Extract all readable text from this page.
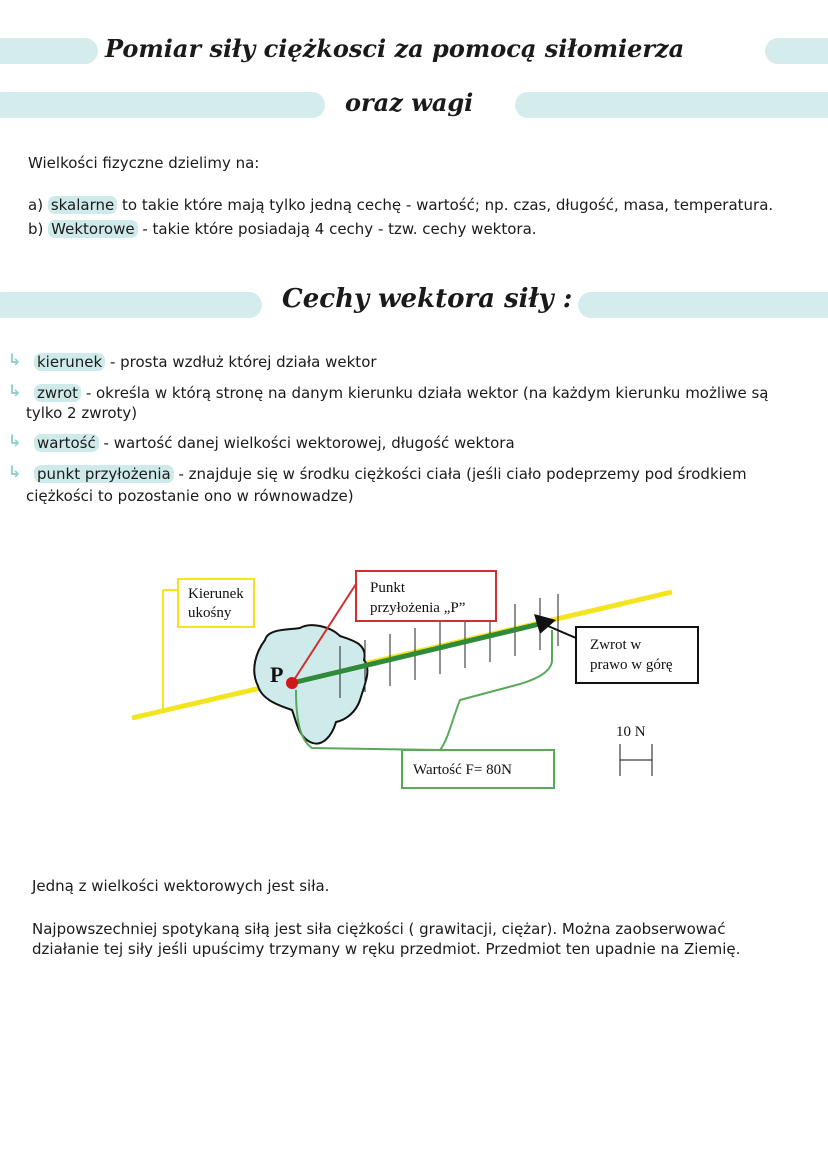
Pomiar siły ciężkosci za pomocą siłomierza
oraz wagi
Wielkości fizyczne dzielimy na:
a) skalarne to takie które mają tylko jedną cechę - wartość; np. czas, długość, masa, temperatura.
b) Wektorowe - takie które posiadają 4 cechy - tzw. cechy wektora.
Cechy wektora siły :
↳ kierunek - prosta wzdłuż której działa wektor
↳ zwrot - określa w którą stronę na danym kierunku działa wektor (na każdym kierunku możliwe są
tylko 2 zwroty)
↳ wartość - wartość danej wielkości wektorowej, długość wektora
↳ punkt przyłożenia - znajduje się w środku ciężkości ciała (jeśli ciało podeprzemy pod środkiem
ciężkości to pozostanie ono w równowadze)
P
Kierunek
ukośny
Punkt
przyłożenia „P”
Zwrot w
prawo w górę
Wartość F= 80N
10 N
Jedną z wielkości wektorowych jest siła.
Najpowszechniej spotykaną siłą jest siła ciężkości ( grawitacji, ciężar). Można zaobserwować
działanie tej siły jeśli upuścimy trzymany w ręku przedmiot. Przedmiot ten upadnie na Ziemię.
